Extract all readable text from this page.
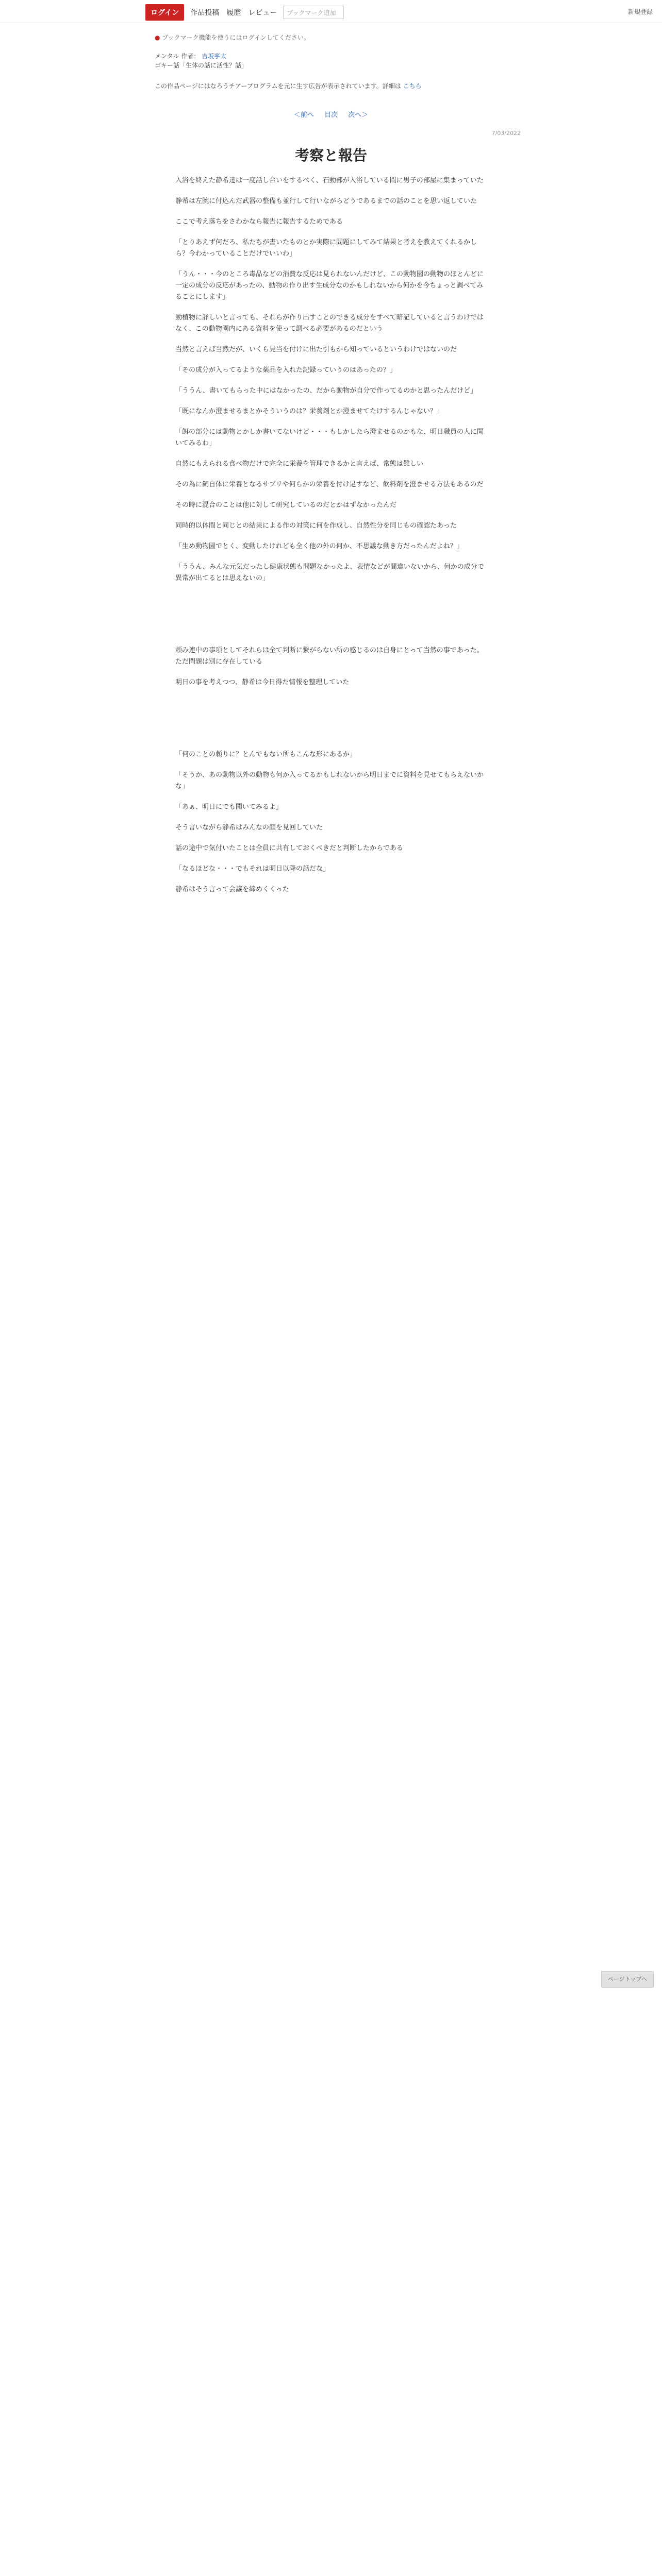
ログイン	作品投稿 履歴 レビュー	ブックマーク追加	新規登録
● ブックマーク機能を使うにはログインしてください。
メンタル 作者： 吉坂寧太
ゴキー話「生体の話に活性？話」
この作品ページにはなろうチアープログラムを元に生す広告が表示されています。詳細は こちら
＜前へ 目次 次へ＞
7/03/2022
考察と報告

入浴を終えた静希達は一度話し合いをするべく、石動部が入浴している間に男子の部屋に集まっていた

静希は左腕に付込んだ武器の整備も並行して行いながらどうであるまでの話のことを思い返していた

ここで考え落ちをさわかなら報告に報告するためである

「とりあえず何だろ、私たちが書いたものとか実際に問題にしてみて結果と考えを教えてくれるかしら？今わかっていることだけでいいわ」

「うん・・・今のところ毒品などの消費な反応は見られないんだけど、この動物園の動物のほとんどに一定の成分の反応があったの、動物の作り出す生成分なのかもしれないから何かを今ちょっと調べてみることにします」

動植物に詳しいと言っても、それらが作り出すことのできる成分をすべて暗記していると言うわけではなく、この動物園内にある資料を使って調べる必要があるのだという

当然と言えば当然だが、いくら見当を付けに出た引もから知っているというわけではないのだ

「その成分が入ってるような薬品を入れた記録っていうのはあったの？」

「ううん、書いてもらった中にはなかったの、だから動物が自分で作ってるのかと思ったんだけど」

「既になんか澄ませるまとかそういうのは？栄養剤とか澄ませてたけするんじゃない？」

「餌の部分には動物とかしか書いてないけど・・・もしかしたら澄ませるのかもな、明日職員の人に聞いてみるわ」

自然にもえられる食べ物だけで完全に栄養を管理できるかと言えば、常態は難しい

その為に飼自体に栄養となるサプリや何らかの栄養を付け足すなど、飲料剤を澄ませる方法もあるのだ

その時に混合のことは他に対して研究しているのだとかはずなかったんだ

同時的以体間と同じとの結果による作の対策に何を作成し、自然性分を同じもの確認たあった

「生め動物園でとく、変動したけれども全く他の外の何か、不思議な動き方だったんだよね？」

「ううん、みんな元気だったし健康状態も問題なかったよ、表情などが間違いないから、何かの成分で異常が出てるとは思えないの」

頼み連中の事項としてそれらは全て判断に繋がらない所の感じるのは自身にとって当然の事であった。ただ問題は別に存在している

明日の事を考えつつ、静希は今日得た情報を整理していた

「何のことの頼りに？とんでもない所もこんな形にあるか」

「そうか、あの動物以外の動物も何か入ってるかもしれないから明日までに資料を見せてもらえないかな」

「あぁ、明日にでも聞いてみるよ」

そう言いながら静希はみんなの顔を見回していた

話の途中で気付いたことは全員に共有しておくべきだと判断したからである

「なるほどな・・・でもそれは明日以降の話だな」

静希はそう言って会議を締めくくった

ページトップへ
